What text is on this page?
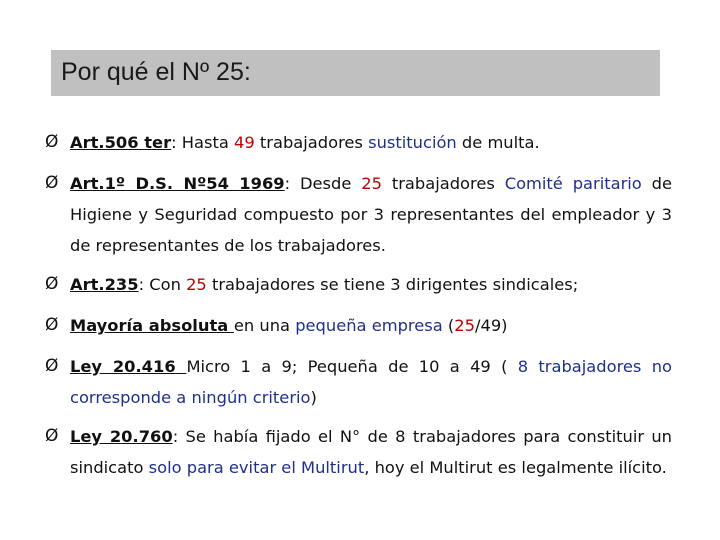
Por qué el Nº 25:
Ø Art.506 ter: Hasta 49 trabajadores sustitución de multa.
Ø Art.1º D.S. Nº54 1969: Desde 25 trabajadores Comité paritario de Higiene y Seguridad compuesto por 3 representantes del empleador y 3 de representantes de los trabajadores.
Ø Art.235: Con 25 trabajadores se tiene 3 dirigentes sindicales;
Ø Mayoría absoluta en una pequeña empresa (25/49)
Ø Ley 20.416 Micro 1 a 9; Pequeña de 10 a 49 ( 8 trabajadores no corresponde a ningún criterio)
Ø Ley 20.760: Se había fijado el N° de 8 trabajadores para constituir un sindicato solo para evitar el Multirut, hoy el Multirut es legalmente ilícito.
